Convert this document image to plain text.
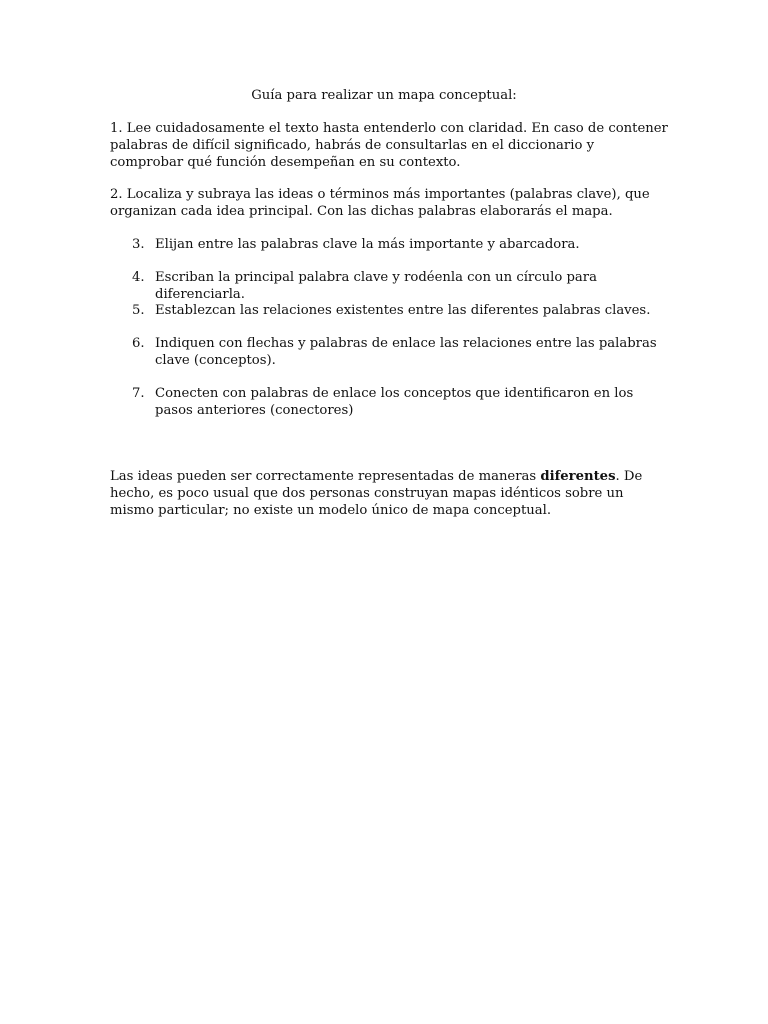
Guía para realizar un mapa conceptual:

1. Lee cuidadosamente el texto hasta entenderlo con claridad. En caso de contener palabras de difícil significado, habrás de consultarlas en el diccionario y comprobar qué función desempeñan en su contexto.

2. Localiza y subraya las ideas o términos más importantes (palabras clave), que organizan cada idea principal. Con las dichas palabras elaborarás el mapa.

3. Elijan entre las palabras clave la más importante y abarcadora.
4. Escriban la principal palabra clave y rodéenla con un círculo para diferenciarla.
5. Establezcan las relaciones existentes entre las diferentes palabras claves.
6. Indiquen con flechas y palabras de enlace las relaciones entre las palabras clave (conceptos).
7. Conecten con palabras de enlace los conceptos que identificaron en los pasos anteriores (conectores)

Las ideas pueden ser correctamente representadas de maneras diferentes. De hecho, es poco usual que dos personas construyan mapas idénticos sobre un mismo particular; no existe un modelo único de mapa conceptual.
